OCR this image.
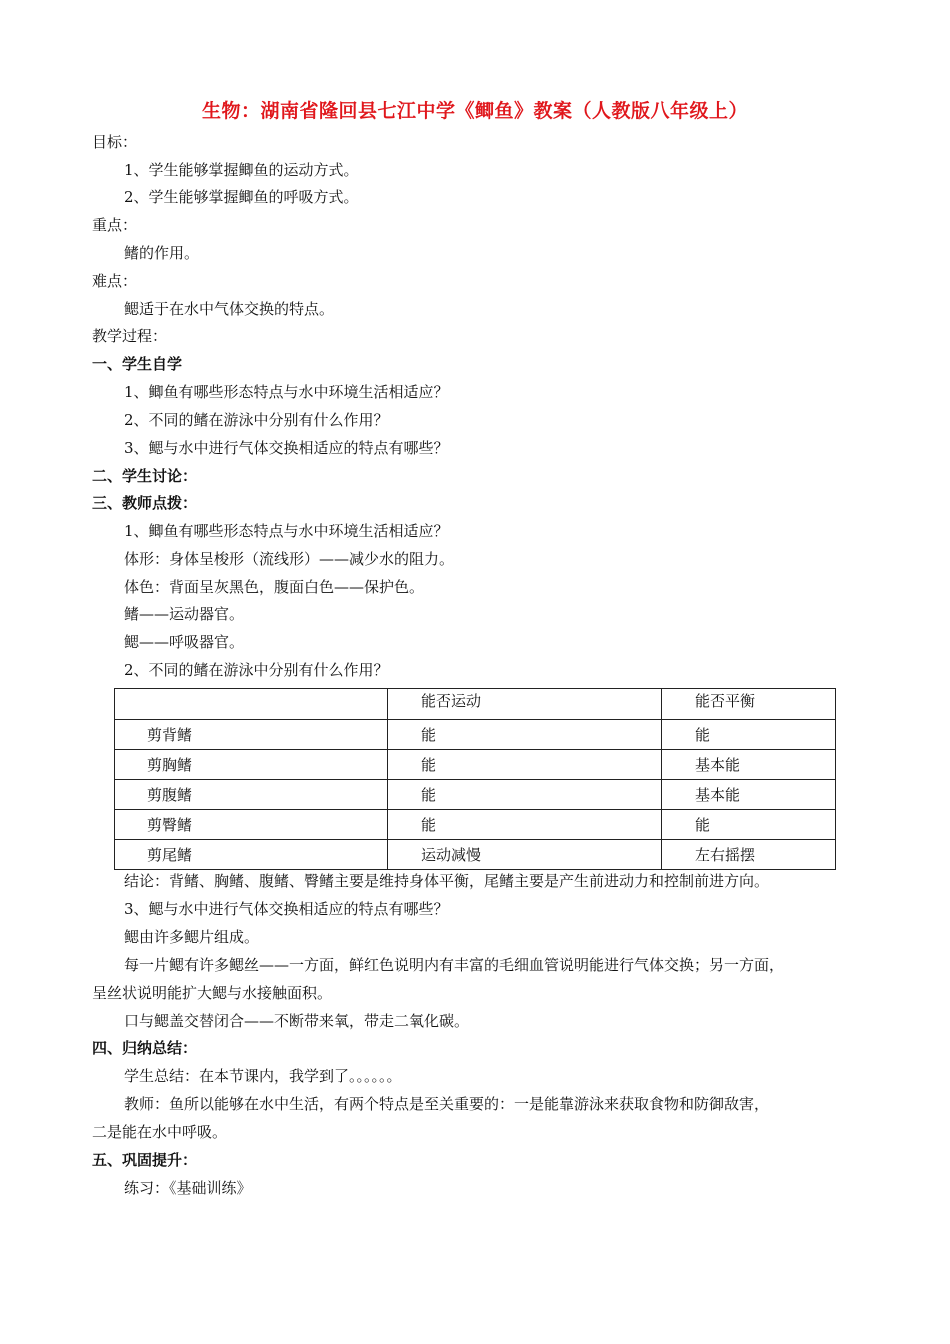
生物：湖南省隆回县七江中学《鲫鱼》教案（人教版八年级上）
目标：
1、学生能够掌握鲫鱼的运动方式。
2、学生能够掌握鲫鱼的呼吸方式。
重点：
鳍的作用。
难点：
鳃适于在水中气体交换的特点。
教学过程：
一、学生自学
1、鲫鱼有哪些形态特点与水中环境生活相适应？
2、不同的鳍在游泳中分别有什么作用？
3、鳃与水中进行气体交换相适应的特点有哪些？
二、学生讨论：
三、教师点拨：
1、鲫鱼有哪些形态特点与水中环境生活相适应？
体形：身体呈梭形（流线形）——减少水的阻力。
体色：背面呈灰黑色，腹面白色——保护色。
鳍——运动器官。
鳃——呼吸器官。
2、不同的鳍在游泳中分别有什么作用？
	能否运动	能否平衡
剪背鳍	能	能
剪胸鳍	能	基本能
剪腹鳍	能	基本能
剪臀鳍	能	能
剪尾鳍	运动减慢	左右摇摆
结论：背鳍、胸鳍、腹鳍、臀鳍主要是维持身体平衡，尾鳍主要是产生前进动力和控制前进方向。
3、鳃与水中进行气体交换相适应的特点有哪些？
鳃由许多鳃片组成。
每一片鳃有许多鳃丝——一方面，鲜红色说明内有丰富的毛细血管说明能进行气体交换；另一方面，
呈丝状说明能扩大鳃与水接触面积。
口与鳃盖交替闭合——不断带来氧，带走二氧化碳。
四、归纳总结：
学生总结：在本节课内，我学到了。。。。。。
教师：鱼所以能够在水中生活，有两个特点是至关重要的：一是能靠游泳来获取食物和防御敌害，
二是能在水中呼吸。
五、巩固提升：
练习：《基础训练》
